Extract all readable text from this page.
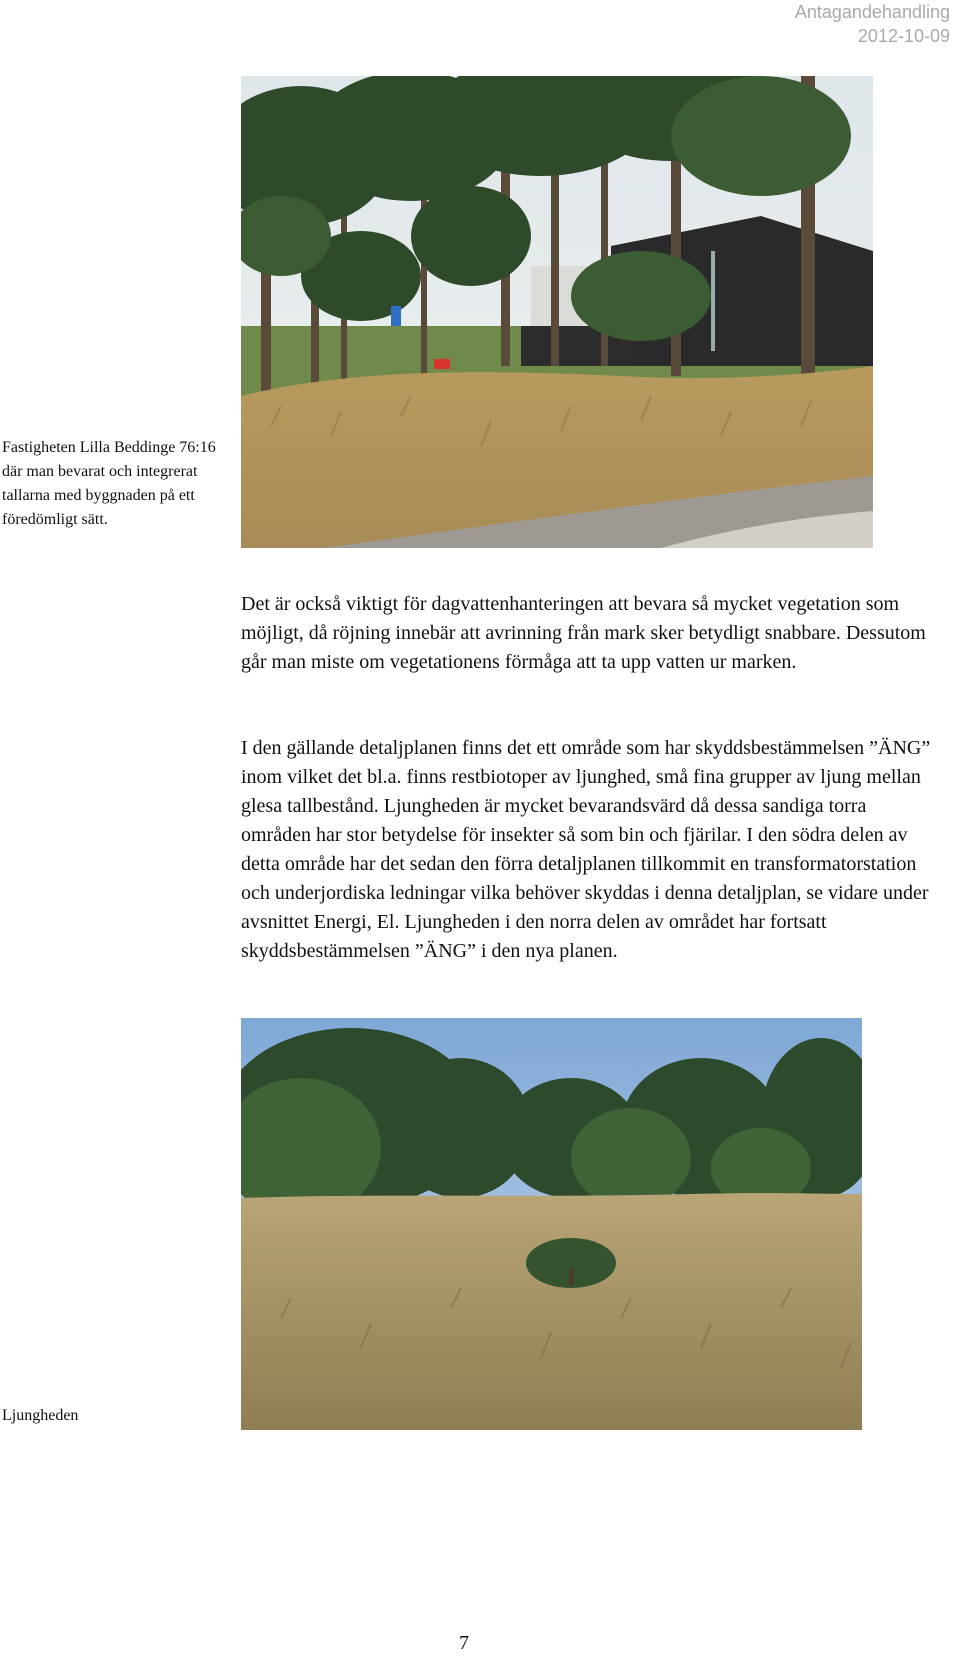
Antagandehandling
2012-10-09
Fastigheten Lilla Beddinge 76:16 där man bevarat och integrerat tallarna med byggnaden på ett föredömligt sätt.

Det är också viktigt för dagvattenhanteringen att bevara så mycket vegetation som möjligt, då röjning innebär att avrinning från mark sker betydligt snabbare. Dessutom går man miste om vegetationens förmåga att ta upp vatten ur marken.

I den gällande detaljplanen finns det ett område som har skyddsbestämmelsen ”ÄNG” inom vilket det bl.a. finns restbiotoper av ljunghed, små fina grupper av ljung mellan glesa tallbestånd. Ljungheden är mycket bevarandsvärd då dessa sandiga torra områden har stor betydelse för insekter så som bin och fjärilar. I den södra delen av detta område har det sedan den förra detaljplanen tillkommit en transformatorstation och underjordiska ledningar vilka behöver skyddas i denna detaljplan, se vidare under avsnittet Energi, El. Ljungheden i den norra delen av området har fortsatt skyddsbestämmelsen ”ÄNG” i den nya planen.

Ljungheden
7
